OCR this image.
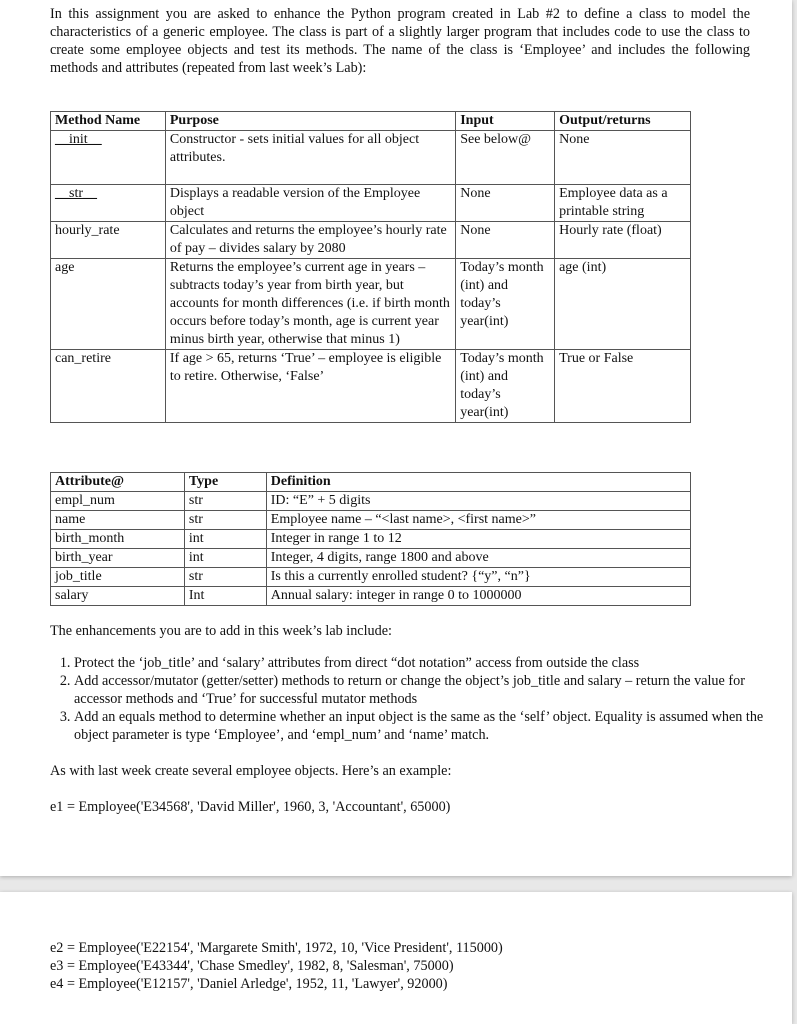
In this assignment you are asked to enhance the Python program created in Lab #2 to define a class to model the characteristics of a generic employee. The class is part of a slightly larger program that includes code to use the class to create some employee objects and test its methods. The name of the class is ‘Employee’ and includes the following methods and attributes (repeated from last week’s Lab):
Method Name	Purpose	Input	Output/returns
__init__	Constructor - sets initial values for all object attributes.	See below@	None
__str__	Displays a readable version of the Employee object	None	Employee data as a printable string
hourly_rate	Calculates and returns the employee’s hourly rate of pay – divides salary by 2080	None	Hourly rate (float)
age	Returns the employee’s current age in years – subtracts today’s year from birth year, but accounts for month differences (i.e. if birth month occurs before today’s month, age is current year minus birth year, otherwise that minus 1)	Today’s month (int) and today’s year(int)	age (int)
can_retire	If age > 65, returns ‘True’ – employee is eligible to retire. Otherwise, ‘False’	Today’s month (int) and today’s year(int)	True or False
Attribute@	Type	Definition
empl_num	str	ID: “E” + 5 digits
name	str	Employee name – “<last name>, <first name>”
birth_month	int	Integer in range 1 to 12
birth_year	int	Integer, 4 digits, range 1800 and above
job_title	str	Is this a currently enrolled student? {“y”, “n”}
salary	Int	Annual salary: integer in range 0 to 1000000
The enhancements you are to add in this week’s lab include:
1. Protect the ‘job_title’ and ‘salary’ attributes from direct “dot notation” access from outside the class
2. Add accessor/mutator (getter/setter) methods to return or change the object’s job_title and salary – return the value for accessor methods and ‘True’ for successful mutator methods
3. Add an equals method to determine whether an input object is the same as the ‘self’ object. Equality is assumed when the object parameter is type ‘Employee’, and ‘empl_num’ and ‘name’ match.
As with last week create several employee objects. Here’s an example:
e1 = Employee('E34568', 'David Miller', 1960, 3, 'Accountant', 65000)
e2 = Employee('E22154', 'Margarete Smith', 1972, 10, 'Vice President', 115000)
e3 = Employee('E43344', 'Chase Smedley', 1982, 8, 'Salesman', 75000)
e4 = Employee('E12157', 'Daniel Arledge', 1952, 11, 'Lawyer', 92000)
